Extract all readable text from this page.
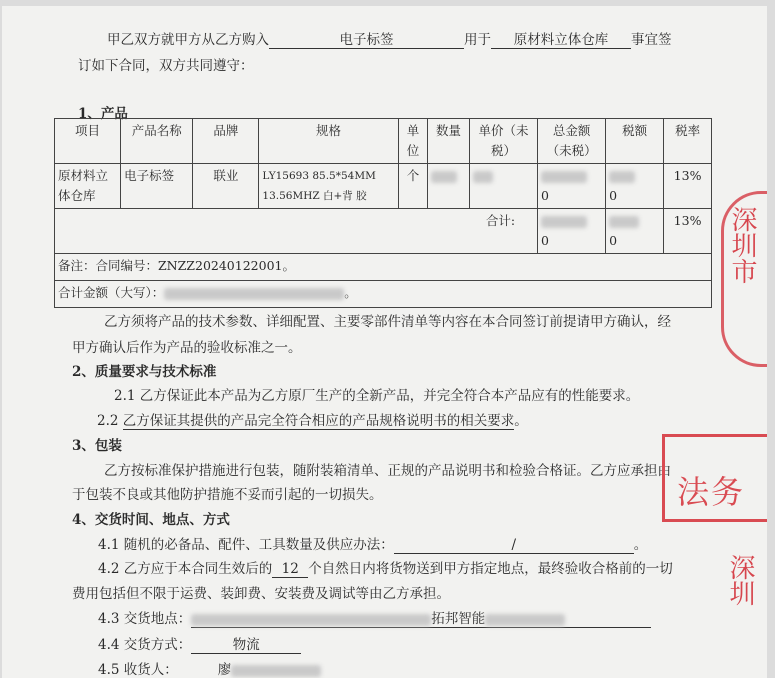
甲乙双方就甲方从乙方购入	电子标签	用于 原材料立体仓库 事宜签
订如下合同，双方共同遵守：
1、产品
项目	产品名称	品牌	规格	单位	数量	单价（未税）	总金额（未税）	税额	税率
原材料立体仓库	电子标签	联业	LY15693 85.5*54MM 13.56MHZ 白+背 胶	个			0	0	13%
合计:							0	0	13%
备注：合同编号：ZNZZ20240122001。									
合计金额（大写）： 。									
乙方须将产品的技术参数、详细配置、主要零部件清单等内容在本合同签订前提请甲方确认，经
甲方确认后作为产品的验收标准之一。
2、质量要求与技术标准
2.1 乙方保证此本产品为乙方原厂生产的全新产品，并完全符合本产品应有的性能要求。
2.2 乙方保证其提供的产品完全符合相应的产品规格说明书的相关要求。
3、包装
乙方按标准保护措施进行包装，随附装箱清单、正规的产品说明书和检验合格证。乙方应承担由
于包装不良或其他防护措施不妥而引起的一切损失。
4、交货时间、地点、方式
4.1 随机的必备品、配件、工具数量及供应办法：	/	。
4.2 乙方应于本合同生效后的 12 个自然日内将货物送到甲方指定地点，最终验收合格前的一切
费用包括但不限于运费、装卸费、安装费及调试等由乙方承担。
4.3 交货地点：	拓邦智能
4.4 交货方式：	物流
4.5 收货人：	廖
深圳市
法务
深圳
